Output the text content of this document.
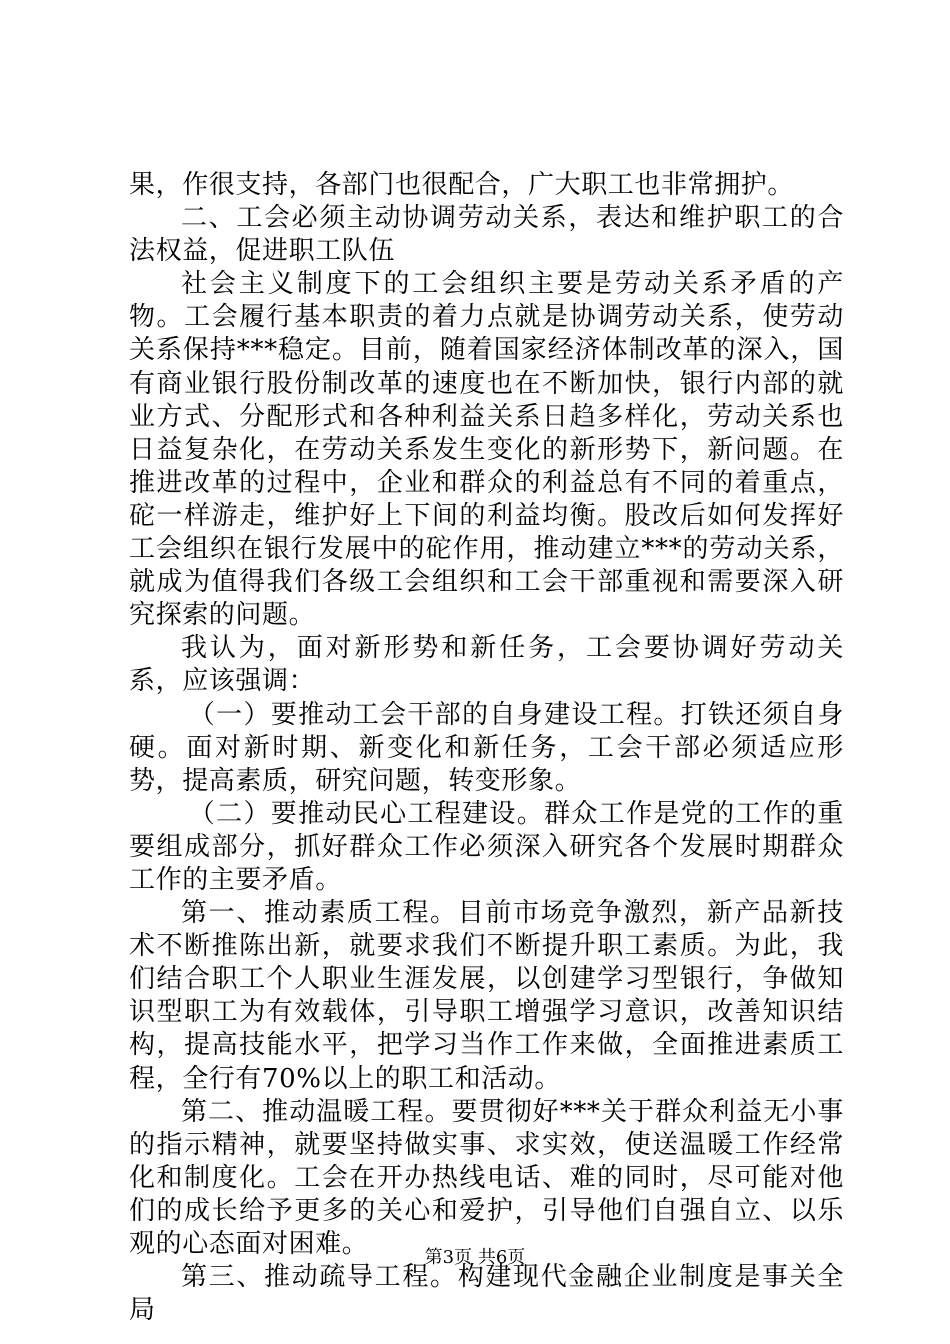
果，作很支持，各部门也很配合，广大职工也非常拥护。

二、工会必须主动协调劳动关系，表达和维护职工的合法权益，促进职工队伍

社会主义制度下的工会组织主要是劳动关系矛盾的产物。工会履行基本职责的着力点就是协调劳动关系，使劳动关系保持***稳定。目前，随着国家经济体制改革的深入，国有商业银行股份制改革的速度也在不断加快，银行内部的就业方式、分配形式和各种利益关系日趋多样化，劳动关系也日益复杂化，在劳动关系发生变化的新形势下，新问题。在推进改革的过程中，企业和群众的利益总有不同的着重点，砣一样游走，维护好上下间的利益均衡。股改后如何发挥好工会组织在银行发展中的砣作用，推动建立***的劳动关系，就成为值得我们各级工会组织和工会干部重视和需要深入研究探索的问题。

我认为，面对新形势和新任务，工会要协调好劳动关系，应该强调：

（一）要推动工会干部的自身建设工程。打铁还须自身硬。面对新时期、新变化和新任务，工会干部必须适应形势，提高素质，研究问题，转变形象。

（二）要推动民心工程建设。群众工作是党的工作的重要组成部分，抓好群众工作必须深入研究各个发展时期群众工作的主要矛盾。

第一、推动素质工程。目前市场竞争激烈，新产品新技术不断推陈出新，就要求我们不断提升职工素质。为此，我们结合职工个人职业生涯发展，以创建学习型银行，争做知识型职工为有效载体，引导职工增强学习意识，改善知识结构，提高技能水平，把学习当作工作来做，全面推进素质工程，全行有70%以上的职工和活动。

第二、推动温暖工程。要贯彻好***关于群众利益无小事的指示精神，就要坚持做实事、求实效，使送温暖工作经常化和制度化。工会在开办热线电话、难的同时，尽可能对他们的成长给予更多的关心和爱护，引导他们自强自立、以乐观的心态面对困难。

第三、推动疏导工程。构建现代金融企业制度是事关全局

第3页 共6页
